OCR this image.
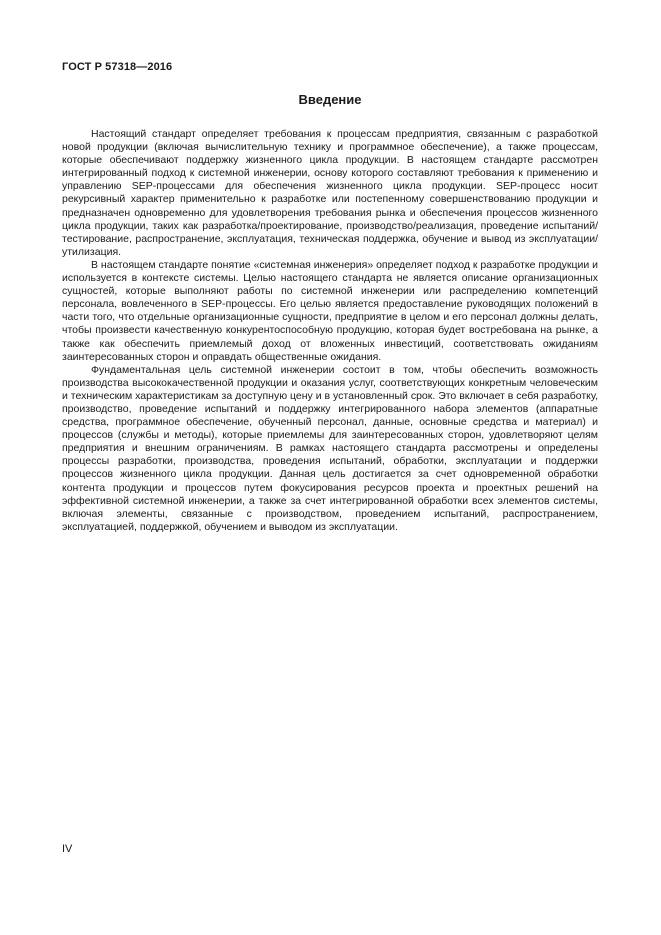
ГОСТ Р 57318—2016
Введение

Настоящий стандарт определяет требования к процессам предприятия, связанным с разработкой новой продукции (включая вычислительную технику и программное обеспечение), а также процессам, которые обеспечивают поддержку жизненного цикла продукции. В настоящем стандарте рассмотрен интегрированный подход к системной инженерии, основу которого составляют требования к применению и управлению SEP-процессами для обеспечения жизненного цикла продукции. SEP-процесс носит рекурсивный характер применительно к разработке или постепенному совершенствованию продукции и предназначен одновременно для удовлетворения требования рынка и обеспечения процессов жизненного цикла продукции, таких как разработка/проектирование, производство/реализация, проведение испытаний/тестирование, распространение, эксплуатация, техническая поддержка, обучение и вывод из эксплуатации/утилизация.

В настоящем стандарте понятие «системная инженерия» определяет подход к разработке продукции и используется в контексте системы. Целью настоящего стандарта не является описание организационных сущностей, которые выполняют работы по системной инженерии или распределению компетенций персонала, вовлеченного в SEP-процессы. Его целью является предоставление руководящих положений в части того, что отдельные организационные сущности, предприятие в целом и его персонал должны делать, чтобы произвести качественную конкурентоспособную продукцию, которая будет востребована на рынке, а также как обеспечить приемлемый доход от вложенных инвестиций, соответствовать ожиданиям заинтересованных сторон и оправдать общественные ожидания.

Фундаментальная цель системной инженерии состоит в том, чтобы обеспечить возможность производства высококачественной продукции и оказания услуг, соответствующих конкретным человеческим и техническим характеристикам за доступную цену и в установленный срок. Это включает в себя разработку, производство, проведение испытаний и поддержку интегрированного набора элементов (аппаратные средства, программное обеспечение, обученный персонал, данные, основные средства и материал) и процессов (службы и методы), которые приемлемы для заинтересованных сторон, удовлетворяют целям предприятия и внешним ограничениям. В рамках настоящего стандарта рассмотрены и определены процессы разработки, производства, проведения испытаний, обработки, эксплуатации и поддержки процессов жизненного цикла продукции. Данная цель достигается за счет одновременной обработки контента продукции и процессов путем фокусирования ресурсов проекта и проектных решений на эффективной системной инженерии, а также за счет интегрированной обработки всех элементов системы, включая элементы, связанные с производством, проведением испытаний, распространением, эксплуатацией, поддержкой, обучением и выводом из эксплуатации.

IV
